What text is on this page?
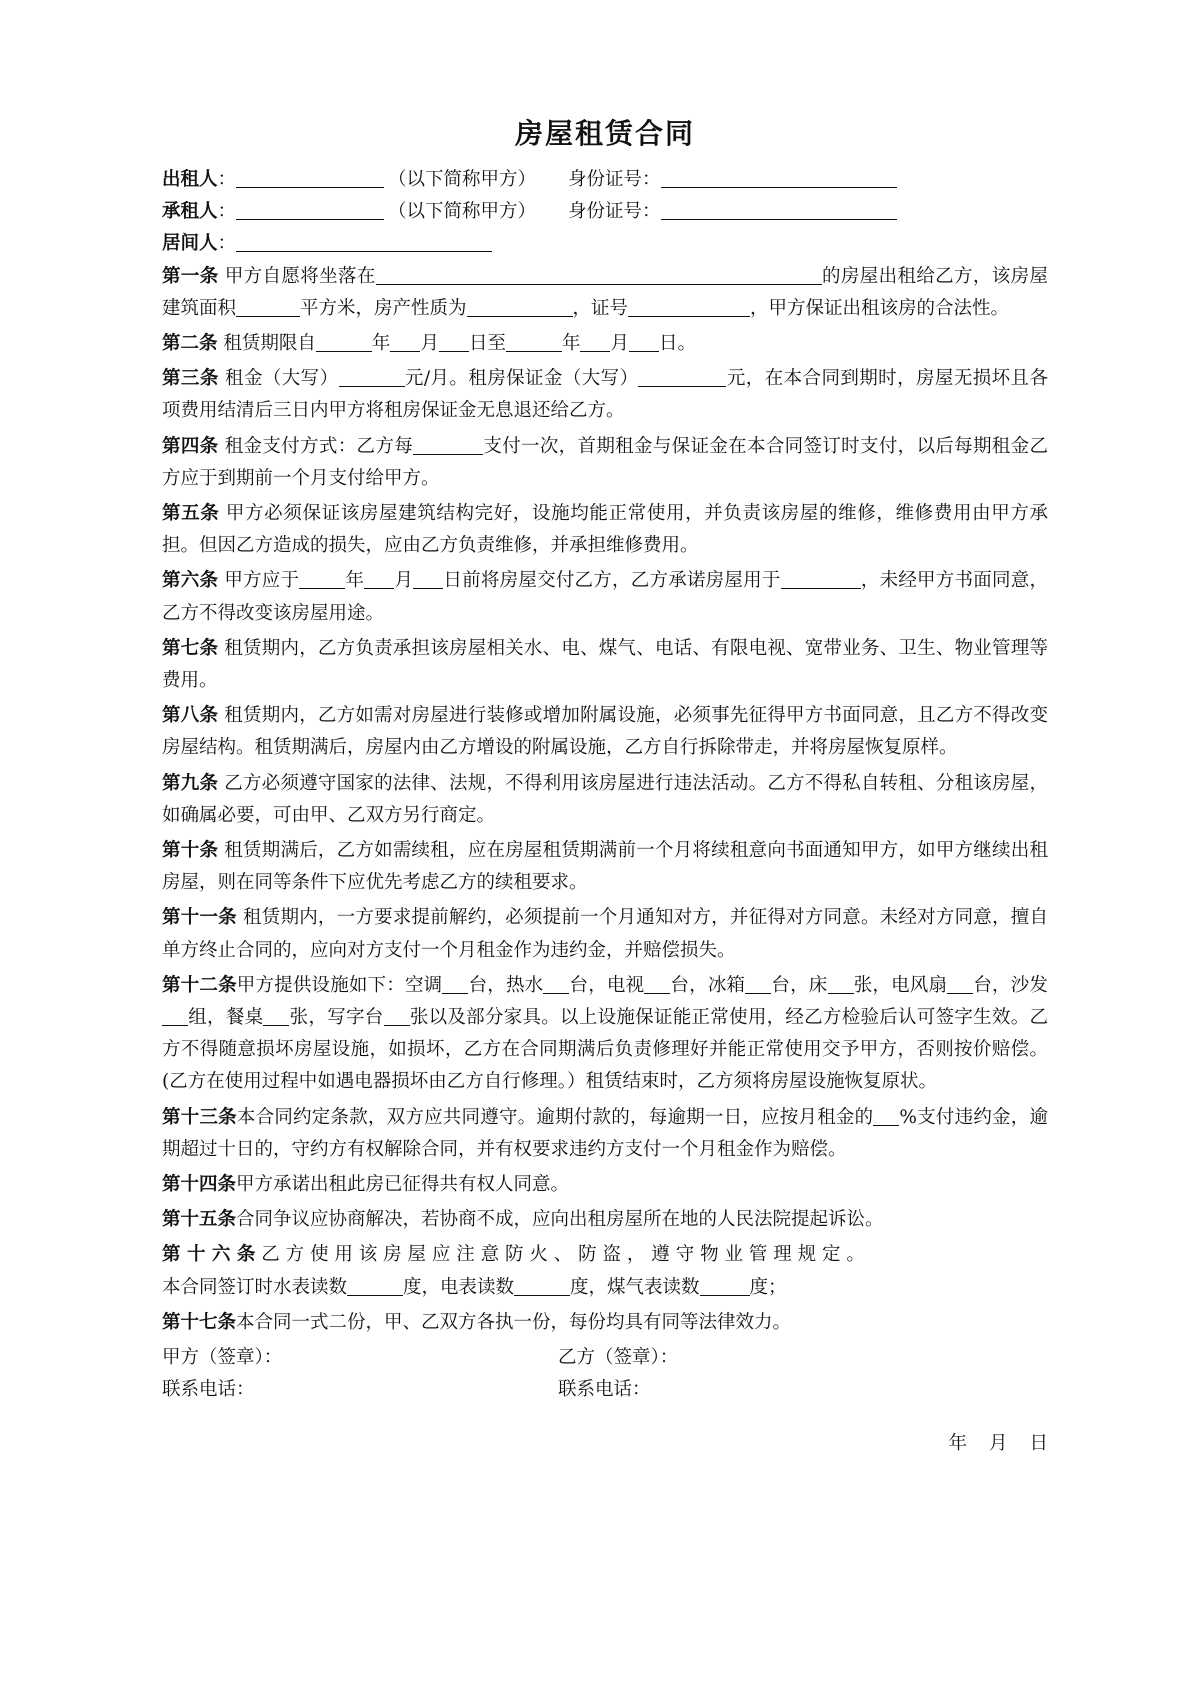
房屋租赁合同
出租人：	（以下简称甲方） 身份证号：
承租人：	（以下简称甲方） 身份证号：
居间人：

第一条 甲方自愿将坐落在	的房屋出租给乙方，该房屋建筑面积	平方米，房产性质为	，证号	，甲方保证出租该房的合法性。

第二条 租赁期限自	年 月 日至	年 月 日。

第三条 租金（大写）	元/月。租房保证金（大写）	元，在本合同到期时，房屋无损坏且各项费用结清后三日内甲方将租房保证金无息退还给乙方。

第四条 租金支付方式：乙方每	支付一次，首期租金与保证金在本合同签订时支付，以后每期租金乙方应于到期前一个月支付给甲方。

第五条 甲方必须保证该房屋建筑结构完好，设施均能正常使用，并负责该房屋的维修，维修费用由甲方承担。但因乙方造成的损失，应由乙方负责维修，并承担维修费用。

第六条 甲方应于 年 月 日前将房屋交付乙方，乙方承诺房屋用于	，未经甲方书面同意，乙方不得改变该房屋用途。

第七条 租赁期内，乙方负责承担该房屋相关水、电、煤气、电话、有限电视、宽带业务、卫生、物业管理等费用。

第八条 租赁期内，乙方如需对房屋进行装修或增加附属设施，必须事先征得甲方书面同意，且乙方不得改变房屋结构。租赁期满后，房屋内由乙方增设的附属设施，乙方自行拆除带走，并将房屋恢复原样。

第九条 乙方必须遵守国家的法律、法规，不得利用该房屋进行违法活动。乙方不得私自转租、分租该房屋，如确属必要，可由甲、乙双方另行商定。

第十条 租赁期满后，乙方如需续租，应在房屋租赁期满前一个月将续租意向书面通知甲方，如甲方继续出租房屋，则在同等条件下应优先考虑乙方的续租要求。

第十一条 租赁期内，一方要求提前解约，必须提前一个月通知对方，并征得对方同意。未经对方同意，擅自单方终止合同的，应向对方支付一个月租金作为违约金，并赔偿损失。

第十二条甲方提供设施如下：空调 台，热水 台，电视 台，冰箱 台，床 张，电风扇 台，沙发组，餐桌 张，写字台 张以及部分家具。以上设施保证能正常使用，经乙方检验后认可签字生效。乙方不得随意损坏房屋设施，如损坏，乙方在合同期满后负责修理好并能正常使用交予甲方，否则按价赔偿。(乙方在使用过程中如遇电器损坏由乙方自行修理。）租赁结束时，乙方须将房屋设施恢复原状。

第十三条本合同约定条款，双方应共同遵守。逾期付款的，每逾期一日，应按月租金的 %支付违约金，逾期超过十日的，守约方有权解除合同，并有权要求违约方支付一个月租金作为赔偿。

第十四条甲方承诺出租此房已征得共有权人同意。

第十五条合同争议应协商解决，若协商不成，应向出租房屋所在地的人民法院提起诉讼。

第 十 六 条 乙 方 使 用 该 房 屋 应 注 意 防 火 、 防 盗 ， 遵 守 物 业 管 理 规 定 。
本合同签订时水表读数	度，电表读数	度，煤气表读数	度；

第十七条本合同一式二份，甲、乙双方各执一份，每份均具有同等法律效力。

甲方（签章）：	乙方（签章）：
联系电话：	联系电话：
年 月 日
